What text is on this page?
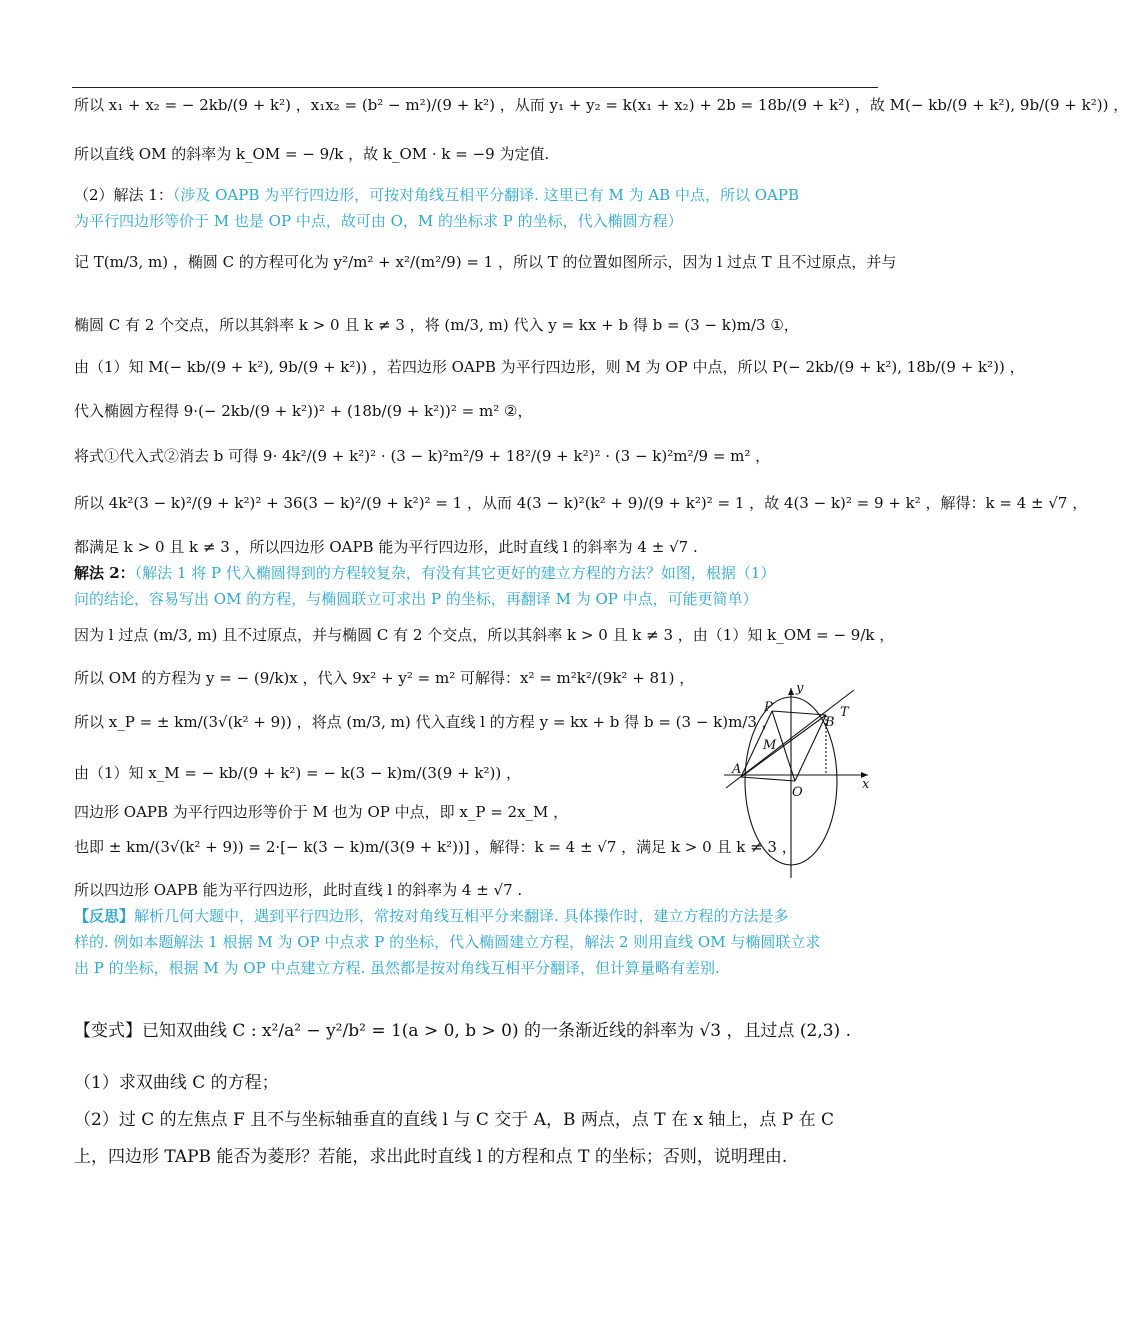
所以 x₁ + x₂ = − 2kb/(9 + k²) ，x₁x₂ = (b² − m²)/(9 + k²) ，从而 y₁ + y₂ = k(x₁ + x₂) + 2b = 18b/(9 + k²) ，故 M(− kb/(9 + k²), 9b/(9 + k²)) ，
所以直线 OM 的斜率为 k_OM = − 9/k ，故 k_OM · k = −9 为定值.
（2）解法 1：（涉及 OAPB 为平行四边形，可按对角线互相平分翻译. 这里已有 M 为 AB 中点，所以 OAPB
为平行四边形等价于 M 也是 OP 中点，故可由 O，M 的坐标求 P 的坐标，代入椭圆方程）
记 T(m/3, m) ，椭圆 C 的方程可化为 y²/m² + x²/(m²/9) = 1 ，所以 T 的位置如图所示，因为 l 过点 T 且不过原点，并与
椭圆 C 有 2 个交点，所以其斜率 k > 0 且 k ≠ 3 ，将 (m/3, m) 代入 y = kx + b 得 b = (3 − k)m/3 ①，
由（1）知 M(− kb/(9 + k²), 9b/(9 + k²)) ，若四边形 OAPB 为平行四边形，则 M 为 OP 中点，所以 P(− 2kb/(9 + k²), 18b/(9 + k²)) ，
代入椭圆方程得 9·(− 2kb/(9 + k²))² + (18b/(9 + k²))² = m² ②，
将式①代入式②消去 b 可得 9· 4k²/(9 + k²)² · (3 − k)²m²/9 + 18²/(9 + k²)² · (3 − k)²m²/9 = m² ，
所以 4k²(3 − k)²/(9 + k²)² + 36(3 − k)²/(9 + k²)² = 1 ，从而 4(3 − k)²(k² + 9)/(9 + k²)² = 1 ，故 4(3 − k)² = 9 + k² ，解得：k = 4 ± √7 ，
都满足 k > 0 且 k ≠ 3 ，所以四边形 OAPB 能为平行四边形，此时直线 l 的斜率为 4 ± √7 .
解法 2：（解法 1 将 P 代入椭圆得到的方程较复杂，有没有其它更好的建立方程的方法？如图，根据（1）
问的结论，容易写出 OM 的方程，与椭圆联立可求出 P 的坐标，再翻译 M 为 OP 中点，可能更简单）
因为 l 过点 (m/3, m) 且不过原点，并与椭圆 C 有 2 个交点，所以其斜率 k > 0 且 k ≠ 3 ，由（1）知 k_OM = − 9/k ，
所以 OM 的方程为 y = − (9/k)x ，代入 9x² + y² = m² 可解得：x² = m²k²/(9k² + 81) ，
所以 x_P = ± km/(3√(k² + 9)) ，将点 (m/3, m) 代入直线 l 的方程 y = kx + b 得 b = (3 − k)m/3 ，
由（1）知 x_M = − kb/(9 + k²) = − k(3 − k)m/(3(9 + k²)) ，
四边形 OAPB 为平行四边形等价于 M 也为 OP 中点，即 x_P = 2x_M ，
也即 ± km/(3√(k² + 9)) = 2·[− k(3 − k)m/(3(9 + k²))] ，解得：k = 4 ± √7 ，满足 k > 0 且 k ≠ 3 ，
所以四边形 OAPB 能为平行四边形，此时直线 l 的斜率为 4 ± √7 .
【反思】解析几何大题中，遇到平行四边形，常按对角线互相平分来翻译. 具体操作时，建立方程的方法是多
样的. 例如本题解法 1 根据 M 为 OP 中点求 P 的坐标，代入椭圆建立方程，解法 2 则用直线 OM 与椭圆联立求
出 P 的坐标，根据 M 为 OP 中点建立方程. 虽然都是按对角线互相平分翻译，但计算量略有差别.
【变式】已知双曲线 C : x²/a² − y²/b² = 1(a > 0, b > 0) 的一条渐近线的斜率为 √3 ，且过点 (2,3) .
（1）求双曲线 C 的方程；
（2）过 C 的左焦点 F 且不与坐标轴垂直的直线 l 与 C 交于 A，B 两点，点 T 在 x 轴上，点 P 在 C
上，四边形 TAPB 能否为菱形？若能，求出此时直线 l 的方程和点 T 的坐标；否则，说明理由.
y
x
O
P
B
T
M
A
